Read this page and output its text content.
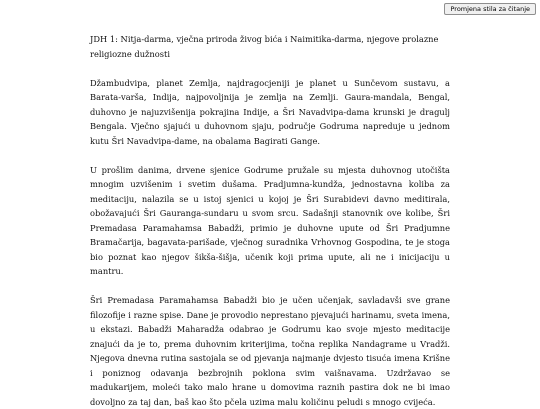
Promjena stila za čitanje

JDH 1: Nitja-darma, vječna priroda živog bića i Naimitika-darma, njegove prolazne religiozne dužnosti

Džambudvipa, planet Zemlja, najdragocjeniji je planet u Sunčevom sustavu, a Barata-varša, Indija, najpovoljnija je zemlja na Zemlji. Gaura-mandala, Bengal, duhovno je najuzvišenija pokrajina Indije, a Šri Navadvipa-dama krunski je dragulj Bengala. Vječno sjajući u duhovnom sjaju, područje Godruma napreduje u jednom kutu Šri Navadvipa-dame, na obalama Bagirati Gange.

U prošlim danima, drvene sjenice Godrume pružale su mjesta duhovnog utočišta mnogim uzvišenim i svetim dušama. Pradjumna-kundža, jednostavna koliba za meditaciju, nalazila se u istoj sjenici u kojoj je Šri Surabidevi davno meditirala, obožavajući Šri Gauranga-sundaru u svom srcu. Sadašnji stanovnik ove kolibe, Šri Premadasa Paramahamsa Babadži, primio je duhovne upute od Šri Pradjumne Bramačarija, bagavata-parišade, vječnog suradnika Vrhovnog Gospodina, te je stoga bio poznat kao njegov šikša-šišja, učenik koji prima upute, ali ne i inicijaciju u mantru.

Šri Premadasa Paramahamsa Babadži bio je učen učenjak, savladavši sve grane filozofije i razne spise. Dane je provodio neprestano pjevajući harinamu, sveta imena, u ekstazi. Babadži Maharadža odabrao je Godrumu kao svoje mjesto meditacije znajući da je to, prema duhovnim kriterijima, točna replika Nandagrame u Vradži. Njegova dnevna rutina sastojala se od pjevanja najmanje dvjesto tisuća imena Krišne i poniznog odavanja bezbrojnih poklona svim vaišnavama. Uzdržavao se madukarijem, moleći tako malo hrane u domovima raznih pastira dok ne bi imao dovoljno za taj dan, baš kao što pčela uzima malu količinu peludi s mnogo cvijeća.
